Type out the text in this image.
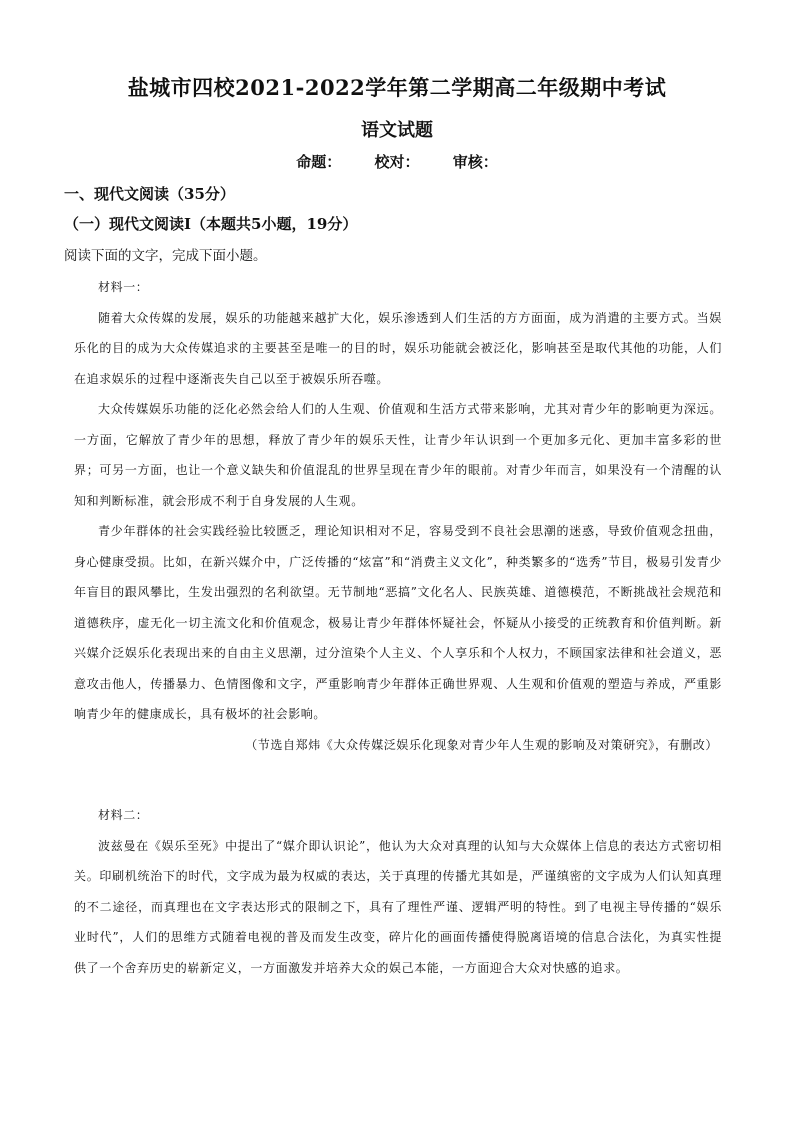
盐城市四校2021-2022学年第二学期高二年级期中考试
语文试题
命题： 校对： 审核：
一、现代文阅读（35分）
（一）现代文阅读Ⅰ（本题共5小题，19分）
阅读下面的文字，完成下面小题。
材料一：
随着大众传媒的发展，娱乐的功能越来越扩大化，娱乐渗透到人们生活的方方面面，成为消遣的主要方式。当娱乐化的目的成为大众传媒追求的主要甚至是唯一的目的时，娱乐功能就会被泛化，影响甚至是取代其他的功能，人们在追求娱乐的过程中逐渐丧失自己以至于被娱乐所吞噬。
大众传媒娱乐功能的泛化必然会给人们的人生观、价值观和生活方式带来影响，尤其对青少年的影响更为深远。一方面，它解放了青少年的思想，释放了青少年的娱乐天性，让青少年认识到一个更加多元化、更加丰富多彩的世界；可另一方面，也让一个意义缺失和价值混乱的世界呈现在青少年的眼前。对青少年而言，如果没有一个清醒的认知和判断标准，就会形成不利于自身发展的人生观。
青少年群体的社会实践经验比较匮乏，理论知识相对不足，容易受到不良社会思潮的迷惑，导致价值观念扭曲，身心健康受损。比如，在新兴媒介中，广泛传播的“炫富”和“消费主义文化”，种类繁多的“选秀”节目，极易引发青少年盲目的跟风攀比，生发出强烈的名利欲望。无节制地“恶搞”文化名人、民族英雄、道德模范，不断挑战社会规范和道德秩序，虚无化一切主流文化和价值观念，极易让青少年群体怀疑社会，怀疑从小接受的正统教育和价值判断。新兴媒介泛娱乐化表现出来的自由主义思潮，过分渲染个人主义、个人享乐和个人权力，不顾国家法律和社会道义，恶意攻击他人，传播暴力、色情图像和文字，严重影响青少年群体正确世界观、人生观和价值观的塑造与养成，严重影响青少年的健康成长，具有极坏的社会影响。
（节选自郑炜《大众传媒泛娱乐化现象对青少年人生观的影响及对策研究》，有删改）
材料二：
波兹曼在《娱乐至死》中提出了“媒介即认识论”，他认为大众对真理的认知与大众媒体上信息的表达方式密切相关。印刷机统治下的时代，文字成为最为权威的表达，关于真理的传播尤其如是，严谨缜密的文字成为人们认知真理的不二途径，而真理也在文字表达形式的限制之下，具有了理性严谨、逻辑严明的特性。到了电视主导传播的“娱乐业时代”，人们的思维方式随着电视的普及而发生改变，碎片化的画面传播使得脱离语境的信息合法化，为真实性提供了一个舍弃历史的崭新定义，一方面激发并培养大众的娱己本能，一方面迎合大众对快感的追求。
